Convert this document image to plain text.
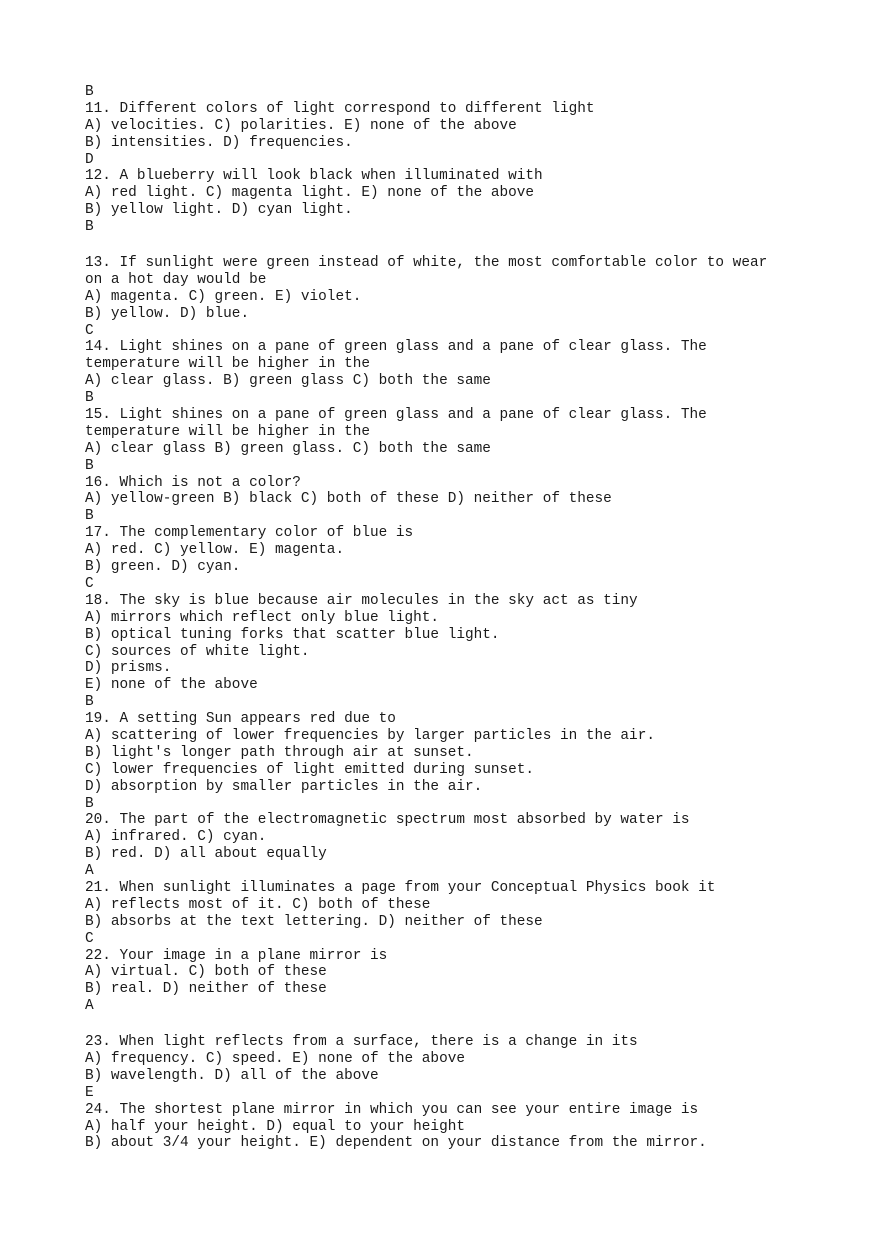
B
11. Different colors of light correspond to different light
A) velocities. C) polarities. E) none of the above
B) intensities. D) frequencies.
D
12. A blueberry will look black when illuminated with
A) red light. C) magenta light. E) none of the above
B) yellow light. D) cyan light.
B
13. If sunlight were green instead of white, the most comfortable color to wear
on a hot day would be
A) magenta. C) green. E) violet.
B) yellow. D) blue.
C
14. Light shines on a pane of green glass and a pane of clear glass. The
temperature will be higher in the
A) clear glass. B) green glass C) both the same
B
15. Light shines on a pane of green glass and a pane of clear glass. The
temperature will be higher in the
A) clear glass B) green glass. C) both the same
B
16. Which is not a color?
A) yellow-green B) black C) both of these D) neither of these
B
17. The complementary color of blue is
A) red. C) yellow. E) magenta.
B) green. D) cyan.
C
18. The sky is blue because air molecules in the sky act as tiny
A) mirrors which reflect only blue light.
B) optical tuning forks that scatter blue light.
C) sources of white light.
D) prisms.
E) none of the above
B
19. A setting Sun appears red due to
A) scattering of lower frequencies by larger particles in the air.
B) light's longer path through air at sunset.
C) lower frequencies of light emitted during sunset.
D) absorption by smaller particles in the air.
B
20. The part of the electromagnetic spectrum most absorbed by water is
A) infrared. C) cyan.
B) red. D) all about equally
A
21. When sunlight illuminates a page from your Conceptual Physics book it
A) reflects most of it. C) both of these
B) absorbs at the text lettering. D) neither of these
C
22. Your image in a plane mirror is
A) virtual. C) both of these
B) real. D) neither of these
A
23. When light reflects from a surface, there is a change in its
A) frequency. C) speed. E) none of the above
B) wavelength. D) all of the above
E
24. The shortest plane mirror in which you can see your entire image is
A) half your height. D) equal to your height
B) about 3/4 your height. E) dependent on your distance from the mirror.
